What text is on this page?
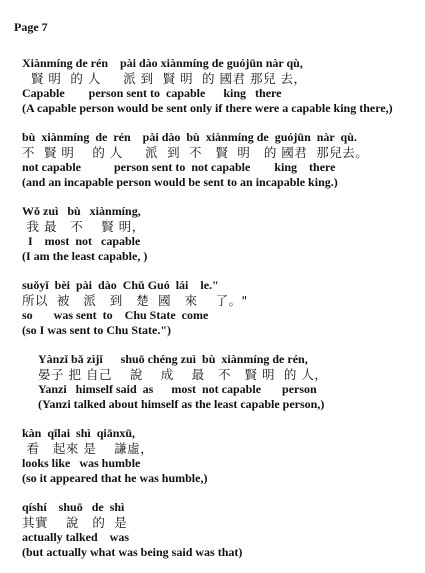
Page 7
Xiànmíng de rén    pài dào xiànmíng de guójūn nàr qù,
賢 明  的 人     派 到  賢 明  的 國君 那兒 去，
Capable        person sent to  capable      king   there
(A capable person would be sent only if there were a capable king there,)
bù  xiànmíng  de  rén    pài dào  bù  xiànmíng de  guójūn  nàr  qù.
不  賢 明    的 人     派  到  不   賢  明   的 國君  那兒去。
not capable           person sent to  not capable        king    there
(and an incapable person would be sent to an incapable king.)
Wǒ zuì   bù   xiànmíng,
我 最   不    賢 明，
I    most  not   capable
(I am the least capable, )
suǒyǐ  bèi  pài  dào  Chǔ Guó  lái    le."
所以  被   派   到   楚  國   來    了。"
so       was sent  to    Chu State  come
(so I was sent to Chu State.")
Yànzǐ bǎ zìjǐ      shuō chéng zuì  bù  xiànmíng de rén,
晏子 把 自己    說    成    最   不   賢 明  的 人，
Yanzi   himself said  as      most  not capable       person
(Yanzi talked about himself as the least capable person,)
kàn  qǐlai  shì  qiānxū,
看   起來 是    謙虛，
looks like   was humble
(so it appeared that he was humble,)
qíshí    shuō   de  shì
其實    說   的  是
actually talked    was
(but actually what was being said was that)
